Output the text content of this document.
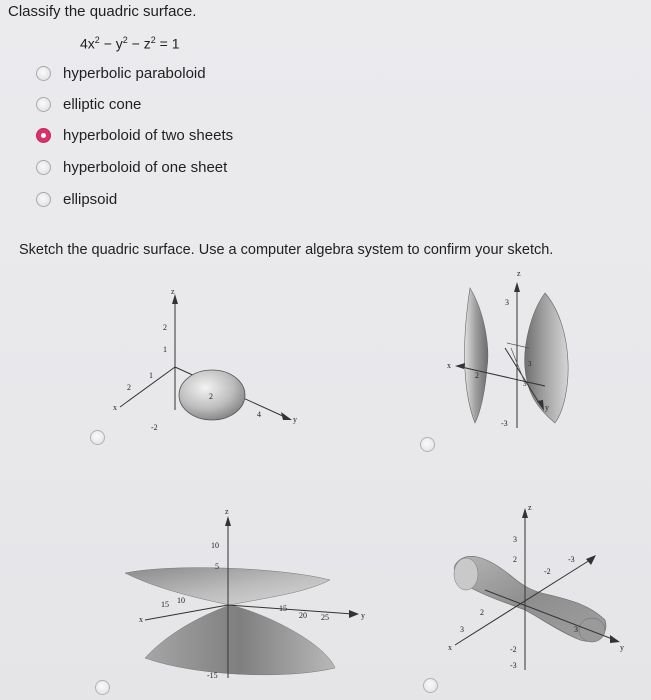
Classify the quadric surface.
$4x^2 - y^2 - z^2 = 1$
hyperbolic paraboloid
elliptic cone
hyperboloid of two sheets
hyperboloid of one sheet
ellipsoid
Sketch the quadric surface. Use a computer algebra system to confirm your sketch.
z
2
1
1
2
x
-2
2
4
y
z
3
-3
x
2
3
3
y
z
10
5
-15
15 10
x
15
20 25	y
z
3
2
-2
-3
-2
-3
2
3
x
3
y
